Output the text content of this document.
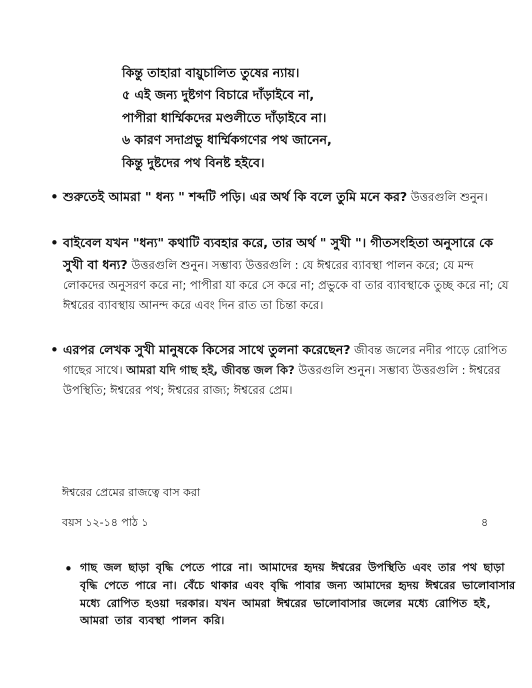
কিন্তু তাহারা বায়ুচালিত তুষের ন্যায়।
৫ এই জন্য দুষ্টগণ বিচারে দাঁড়াইবে না,
পাপীরা ধার্ম্মিকদের মণ্ডলীতে দাঁড়াইবে না।
৬ কারণ সদাপ্রভু ধার্ম্মিকগণের পথ জানেন,
কিন্তু দুষ্টদের পথ বিনষ্ট হইবে।
• শুরুতেই আমরা " ধন্য " শব্দটি পড়ি। এর অর্থ কি বলে তুমি মনে কর? উত্তরগুলি শুনুন।

• বাইবেল যখন "ধন্য" কথাটি ব্যবহার করে, তার অর্থ " সুখী "। গীতসংহিতা অনুসারে কে সুখী বা ধন্য? উত্তরগুলি শুনুন। সম্ভাব্য উত্তরগুলি : যে ঈশ্বরের ব্যাবস্থা পালন করে; যে মন্দ লোকদের অনুসরণ করে না; পাপীরা যা করে সে করে না; প্রভুকে বা তার ব্যাবস্থাকে তুচ্ছ করে না; যে ঈশ্বরের ব্যাবস্থায় আনন্দ করে এবং দিন রাত তা চিন্তা করে।

• এরপর লেখক সুখী মানুষকে কিসের সাথে তুলনা করেছেন? জীবন্ত জলের নদীর পাড়ে রোপিত গাছের সাথে। আমরা যদি গাছ হই, জীবন্ত জল কি? উত্তরগুলি শুনুন। সম্ভাব্য উত্তরগুলি : ঈশ্বরের উপস্থিতি; ঈশ্বরের পথ; ঈশ্বরের রাজ্য; ঈশ্বরের প্রেম।

ঈশ্বরের প্রেমের রাজত্বে বাস করা
বয়স ১২-১৪ পাঠ ১	৪
• গাছ জল ছাড়া বৃদ্ধি পেতে পারে না। আমাদের হৃদয় ঈশ্বরের উপস্থিতি এবং তার পথ ছাড়া বৃদ্ধি পেতে পারে না। বেঁচে থাকার এবং বৃদ্ধি পাবার জন্য আমাদের হৃদয় ঈশ্বরের ভালোবাসার মধ্যে রোপিত হওয়া দরকার। যখন আমরা ঈশ্বরের ভালোবাসার জলের মধ্যে রোপিত হই, আমরা তার ব্যবস্থা পালন করি।
